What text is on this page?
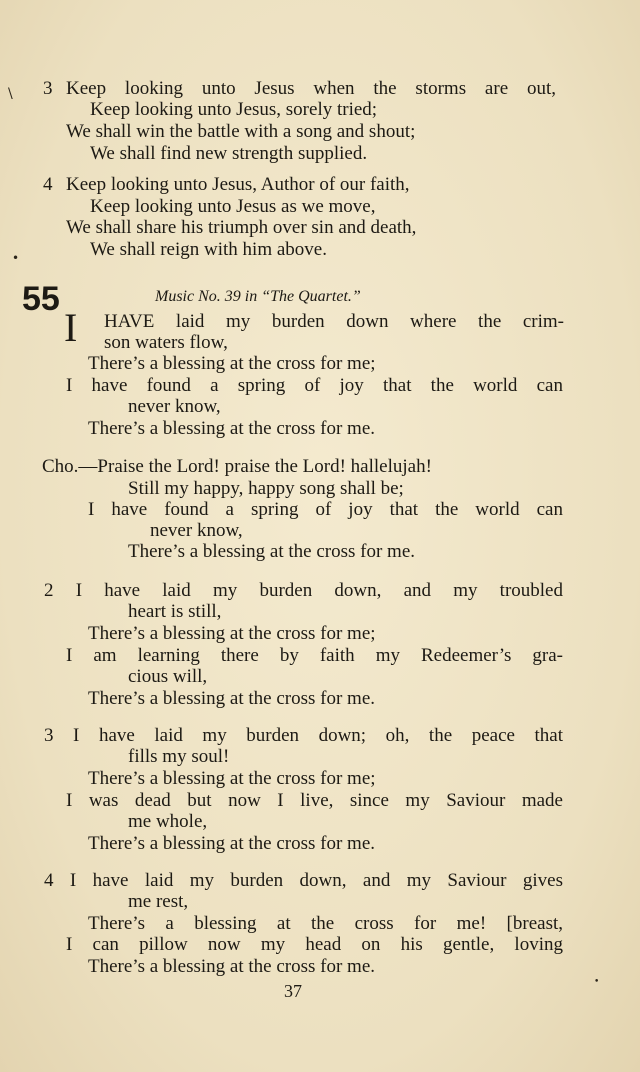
\
•
•
3 Keep looking unto Jesus when the storms are out,
Keep looking unto Jesus, sorely tried;
We shall win the battle with a song and shout;
We shall find new strength supplied.
4 Keep looking unto Jesus, Author of our faith,
Keep looking unto Jesus as we move,
We shall share his triumph over sin and death,
We shall reign with him above.
55	Music No. 39 in “The Quartet.”
I HAVE laid my burden down where the crim-
son waters flow,
There’s a blessing at the cross for me;
I have found a spring of joy that the world can
never know,
There’s a blessing at the cross for me.
Cho.—Praise the Lord! praise the Lord! hallelujah!
Still my happy, happy song shall be;
I have found a spring of joy that the world can
never know,
There’s a blessing at the cross for me.
2 I have laid my burden down, and my troubled
heart is still,
There’s a blessing at the cross for me;
I am learning there by faith my Redeemer’s gra-
cious will,
There’s a blessing at the cross for me.
3 I have laid my burden down; oh, the peace that
fills my soul!
There’s a blessing at the cross for me;
I was dead but now I live, since my Saviour made
me whole,
There’s a blessing at the cross for me.
4 I have laid my burden down, and my Saviour gives
me rest,
There’s a blessing at the cross for me! [breast,
I can pillow now my head on his gentle, loving
There’s a blessing at the cross for me.
37
